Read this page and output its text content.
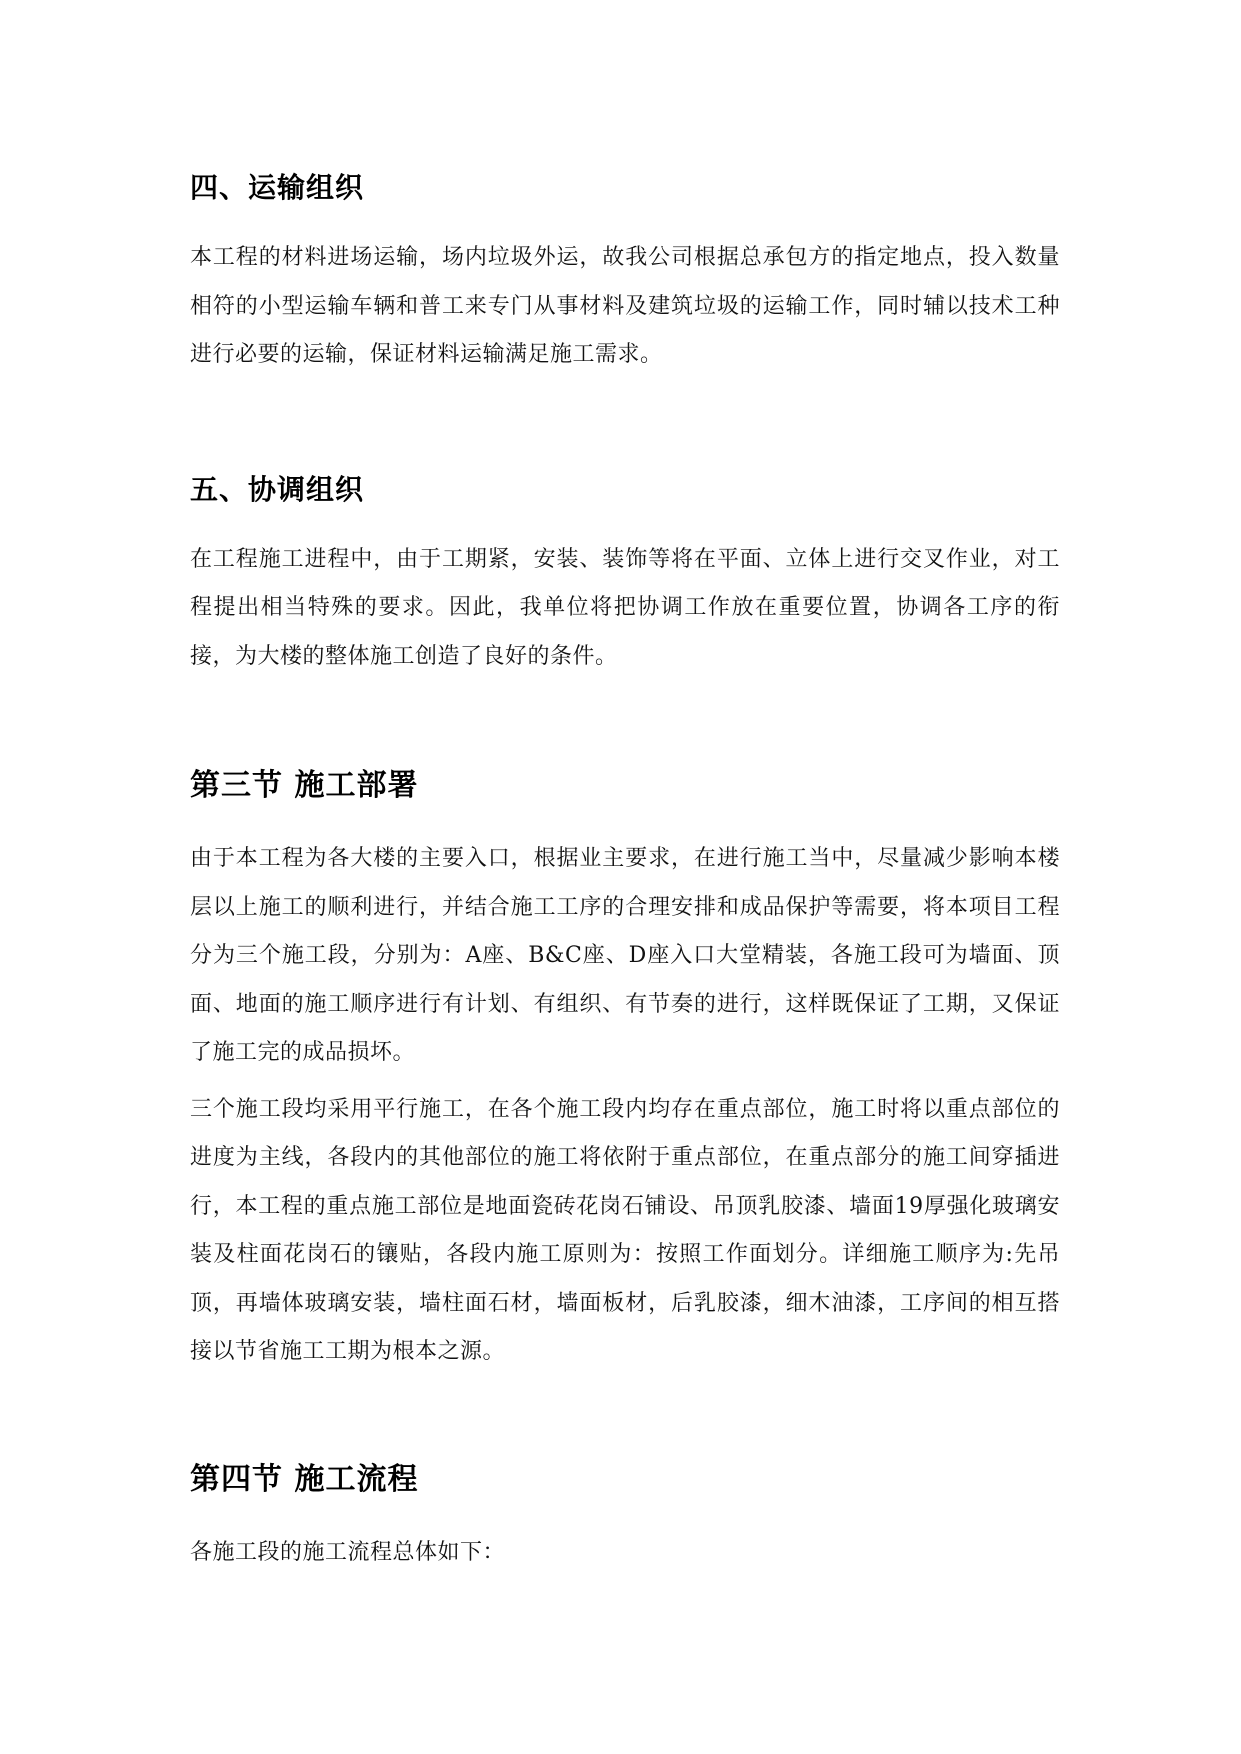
四、运输组织

本工程的材料进场运输，场内垃圾外运，故我公司根据总承包方的指定地点，投入数量相符的小型运输车辆和普工来专门从事材料及建筑垃圾的运输工作，同时辅以技术工种进行必要的运输，保证材料运输满足施工需求。

五、协调组织

在工程施工进程中，由于工期紧，安装、装饰等将在平面、立体上进行交叉作业，对工程提出相当特殊的要求。因此，我单位将把协调工作放在重要位置，协调各工序的衔接，为大楼的整体施工创造了良好的条件。

第三节 施工部署

由于本工程为各大楼的主要入口，根据业主要求，在进行施工当中，尽量减少影响本楼层以上施工的顺利进行，并结合施工工序的合理安排和成品保护等需要，将本项目工程分为三个施工段，分别为：A座、B&C座、D座入口大堂精装，各施工段可为墙面、顶面、地面的施工顺序进行有计划、有组织、有节奏的进行，这样既保证了工期，又保证了施工完的成品损坏。

三个施工段均采用平行施工，在各个施工段内均存在重点部位，施工时将以重点部位的进度为主线，各段内的其他部位的施工将依附于重点部位，在重点部分的施工间穿插进行，本工程的重点施工部位是地面瓷砖花岗石铺设、吊顶乳胶漆、墙面19厚强化玻璃安装及柱面花岗石的镶贴，各段内施工原则为：按照工作面划分。详细施工顺序为:先吊顶，再墙体玻璃安装，墙柱面石材，墙面板材，后乳胶漆，细木油漆，工序间的相互搭接以节省施工工期为根本之源。

第四节 施工流程

各施工段的施工流程总体如下：
